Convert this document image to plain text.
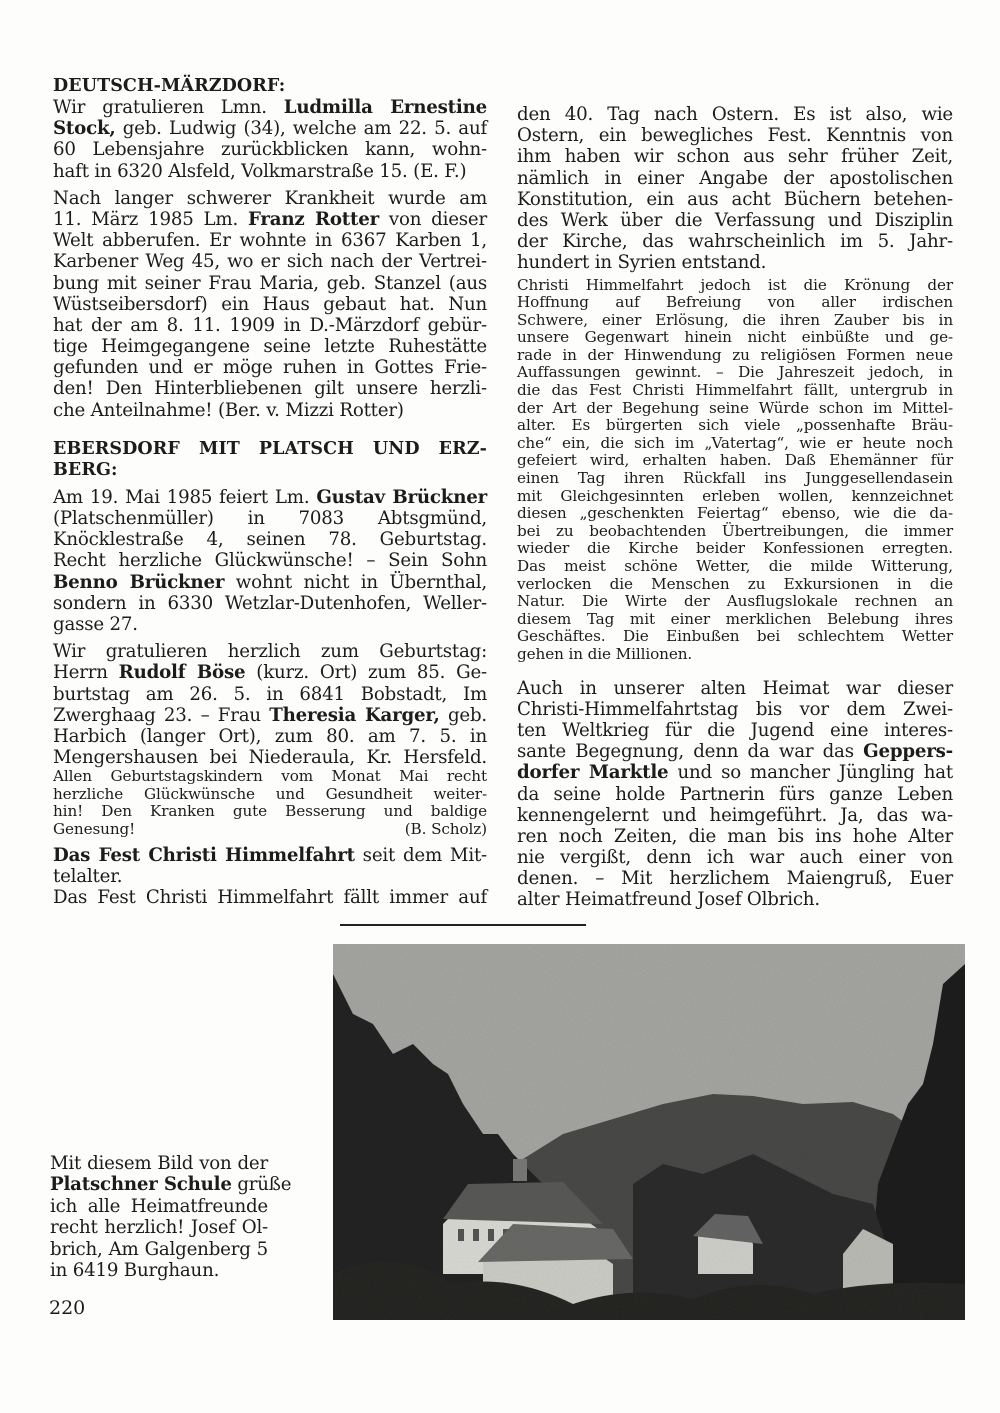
DEUTSCH-MÄRZDORF:
Wir gratulieren Lmn. Ludmilla Ernestine
Stock, geb. Ludwig (34), welche am 22. 5. auf
60 Lebensjahre zurückblicken kann, wohn-
haft in 6320 Alsfeld, Volkmarstraße 15. (E. F.)
Nach langer schwerer Krankheit wurde am
11. März 1985 Lm. Franz Rotter von dieser
Welt abberufen. Er wohnte in 6367 Karben 1,
Karbener Weg 45, wo er sich nach der Vertrei-
bung mit seiner Frau Maria, geb. Stanzel (aus
Wüstseibersdorf) ein Haus gebaut hat. Nun
hat der am 8. 11. 1909 in D.-Märzdorf gebür-
tige Heimgegangene seine letzte Ruhestätte
gefunden und er möge ruhen in Gottes Frie-
den! Den Hinterbliebenen gilt unsere herzli-
che Anteilnahme! (Ber. v. Mizzi Rotter)
EBERSDORF MIT PLATSCH UND ERZ-
BERG:
Am 19. Mai 1985 feiert Lm. Gustav Brückner
(Platschenmüller) in 7083 Abtsgmünd,
Knöcklestraße 4, seinen 78. Geburtstag.
Recht herzliche Glückwünsche! – Sein Sohn
Benno Brückner wohnt nicht in Übernthal,
sondern in 6330 Wetzlar-Dutenhofen, Weller-
gasse 27.
Wir gratulieren herzlich zum Geburtstag:
Herrn Rudolf Böse (kurz. Ort) zum 85. Ge-
burtstag am 26. 5. in 6841 Bobstadt, Im
Zwerghaag 23. – Frau Theresia Karger, geb.
Harbich (langer Ort), zum 80. am 7. 5. in
Mengershausen bei Niederaula, Kr. Hersfeld.
Allen Geburtstagskindern vom Monat Mai recht
herzliche Glückwünsche und Gesundheit weiter-
hin! Den Kranken gute Besserung und baldige
Genesung!	(B. Scholz)
Das Fest Christi Himmelfahrt seit dem Mit-
telalter.
Das Fest Christi Himmelfahrt fällt immer auf
den 40. Tag nach Ostern. Es ist also, wie
Ostern, ein bewegliches Fest. Kenntnis von
ihm haben wir schon aus sehr früher Zeit,
nämlich in einer Angabe der apostolischen
Konstitution, ein aus acht Büchern betehen-
des Werk über die Verfassung und Disziplin
der Kirche, das wahrscheinlich im 5. Jahr-
hundert in Syrien entstand.
Christi Himmelfahrt jedoch ist die Krönung der
Hoffnung auf Befreiung von aller irdischen
Schwere, einer Erlösung, die ihren Zauber bis in
unsere Gegenwart hinein nicht einbüßte und ge-
rade in der Hinwendung zu religiösen Formen neue
Auffassungen gewinnt. – Die Jahreszeit jedoch, in
die das Fest Christi Himmelfahrt fällt, untergrub in
der Art der Begehung seine Würde schon im Mittel-
alter. Es bürgerten sich viele „possenhafte Bräu-
che“ ein, die sich im „Vatertag“, wie er heute noch
gefeiert wird, erhalten haben. Daß Ehemänner für
einen Tag ihren Rückfall ins Junggesellendasein
mit Gleichgesinnten erleben wollen, kennzeichnet
diesen „geschenkten Feiertag“ ebenso, wie die da-
bei zu beobachtenden Übertreibungen, die immer
wieder die Kirche beider Konfessionen erregten.
Das meist schöne Wetter, die milde Witterung,
verlocken die Menschen zu Exkursionen in die
Natur. Die Wirte der Ausflugslokale rechnen an
diesem Tag mit einer merklichen Belebung ihres
Geschäftes. Die Einbußen bei schlechtem Wetter
gehen in die Millionen.
Auch in unserer alten Heimat war dieser
Christi-Himmelfahrtstag bis vor dem Zwei-
ten Weltkrieg für die Jugend eine interes-
sante Begegnung, denn da war das Geppers-
dorfer Marktle und so mancher Jüngling hat
da seine holde Partnerin fürs ganze Leben
kennengelernt und heimgeführt. Ja, das wa-
ren noch Zeiten, die man bis ins hohe Alter
nie vergißt, denn ich war auch einer von
denen. – Mit herzlichem Maiengruß, Euer
alter Heimatfreund Josef Olbrich.
Mit diesem Bild von der
Platschner Schule grüße
ich alle Heimatfreunde
recht herzlich! Josef Ol-
brich, Am Galgenberg 5
in 6419 Burghaun.
220
